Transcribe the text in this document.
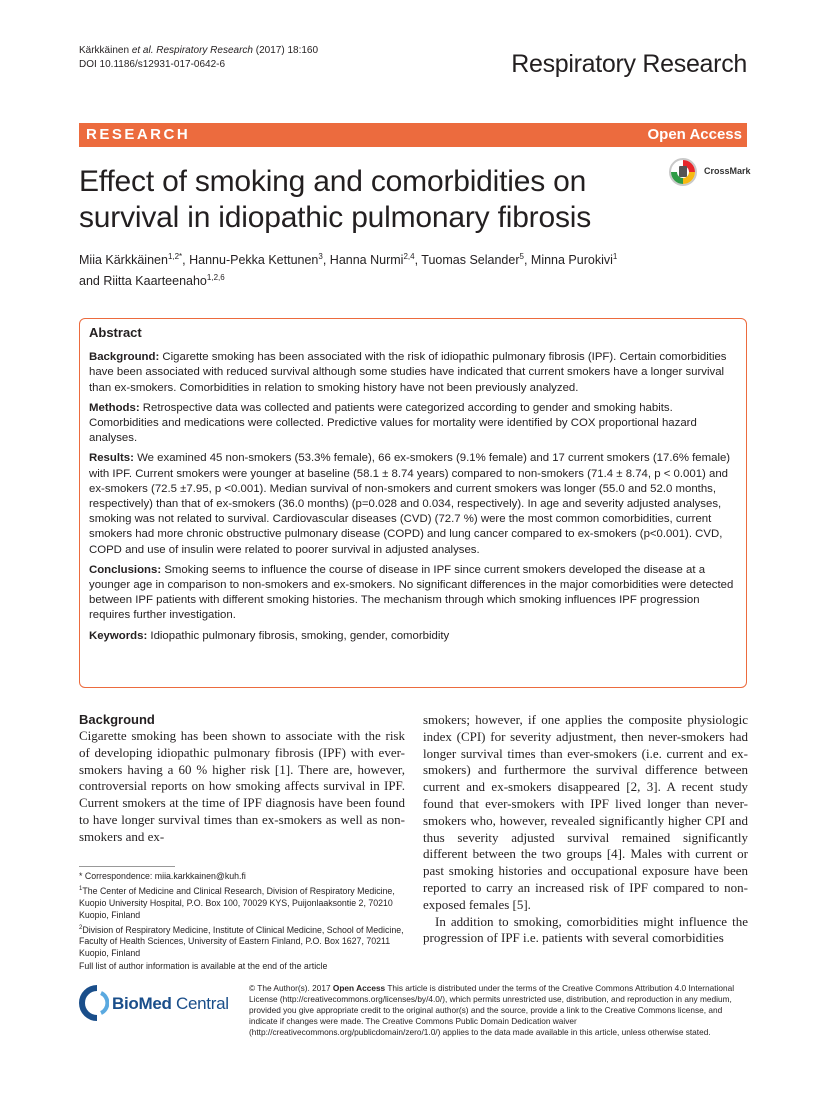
Kärkkäinen et al. Respiratory Research (2017) 18:160
DOI 10.1186/s12931-017-0642-6	Respiratory Research
RESEARCH	Open Access
Effect of smoking and comorbidities on survival in idiopathic pulmonary fibrosis
CrossMark
Miia Kärkkäinen$^{1,2*}$, Hannu-Pekka Kettunen$^3$, Hanna Nurmi$^{2,4}$, Tuomas Selander$^5$, Minna Purokivi$^1$
and Riitta Kaarteenaho$^{1,2,6}$
Abstract

Background: Cigarette smoking has been associated with the risk of idiopathic pulmonary fibrosis (IPF). Certain comorbidities have been associated with reduced survival although some studies have indicated that current smokers have a longer survival than ex-smokers. Comorbidities in relation to smoking history have not been previously analyzed.

Methods: Retrospective data was collected and patients were categorized according to gender and smoking habits. Comorbidities and medications were collected. Predictive values for mortality were identified by COX proportional hazard analyses.

Results: We examined 45 non-smokers (53.3% female), 66 ex-smokers (9.1% female) and 17 current smokers (17.6% female) with IPF. Current smokers were younger at baseline (58.1 ± 8.74 years) compared to non-smokers (71.4 ± 8.74, p < 0.001) and ex-smokers (72.5 ±7.95, p <0.001). Median survival of non-smokers and current smokers was longer (55.0 and 52.0 months, respectively) than that of ex-smokers (36.0 months) (p=0.028 and 0.034, respectively). In age and severity adjusted analyses, smoking was not related to survival. Cardiovascular diseases (CVD) (72.7 %) were the most common comorbidities, current smokers had more chronic obstructive pulmonary disease (COPD) and lung cancer compared to ex-smokers (p<0.001). CVD, COPD and use of insulin were related to poorer survival in adjusted analyses.

Conclusions: Smoking seems to influence the course of disease in IPF since current smokers developed the disease at a younger age in comparison to non-smokers and ex-smokers. No significant differences in the major comorbidities were detected between IPF patients with different smoking histories. The mechanism through which smoking influences IPF progression requires further investigation.

Keywords: Idiopathic pulmonary fibrosis, smoking, gender, comorbidity

Background

Cigarette smoking has been shown to associate with the risk of developing idiopathic pulmonary fibrosis (IPF) with ever-smokers having a 60 % higher risk [1]. There are, however, controversial reports on how smoking affects survival in IPF. Current smokers at the time of IPF diagnosis have been found to have longer survival times than ex-smokers as well as non-smokers and ex-

smokers; however, if one applies the composite physiologic index (CPI) for severity adjustment, then never-smokers had longer survival times than ever-smokers (i.e. current and ex-smokers) and furthermore the survival difference between current and ex-smokers disappeared [2, 3]. A recent study found that ever-smokers with IPF lived longer than never-smokers who, however, revealed significantly higher CPI and thus severity adjusted survival remained significantly different between the two groups [4]. Males with current or past smoking histories and occupational exposure have been reported to carry an increased risk of IPF compared to non-exposed females [5].

In addition to smoking, comorbidities might influence the progression of IPF i.e. patients with several comorbidities

* Correspondence: miia.karkkainen@kuh.fi

$^1$The Center of Medicine and Clinical Research, Division of Respiratory Medicine, Kuopio University Hospital, P.O. Box 100, 70029 KYS, Puijonlaaksontie 2, 70210 Kuopio, Finland

$^2$Division of Respiratory Medicine, Institute of Clinical Medicine, School of Medicine, Faculty of Health Sciences, University of Eastern Finland, P.O. Box 1627, 70211 Kuopio, Finland

Full list of author information is available at the end of the article

BioMed Central
© The Author(s). 2017 Open Access This article is distributed under the terms of the Creative Commons Attribution 4.0 International License (http://creativecommons.org/licenses/by/4.0/), which permits unrestricted use, distribution, and reproduction in any medium, provided you give appropriate credit to the original author(s) and the source, provide a link to the Creative Commons license, and indicate if changes were made. The Creative Commons Public Domain Dedication waiver (http://creativecommons.org/publicdomain/zero/1.0/) applies to the data made available in this article, unless otherwise stated.
